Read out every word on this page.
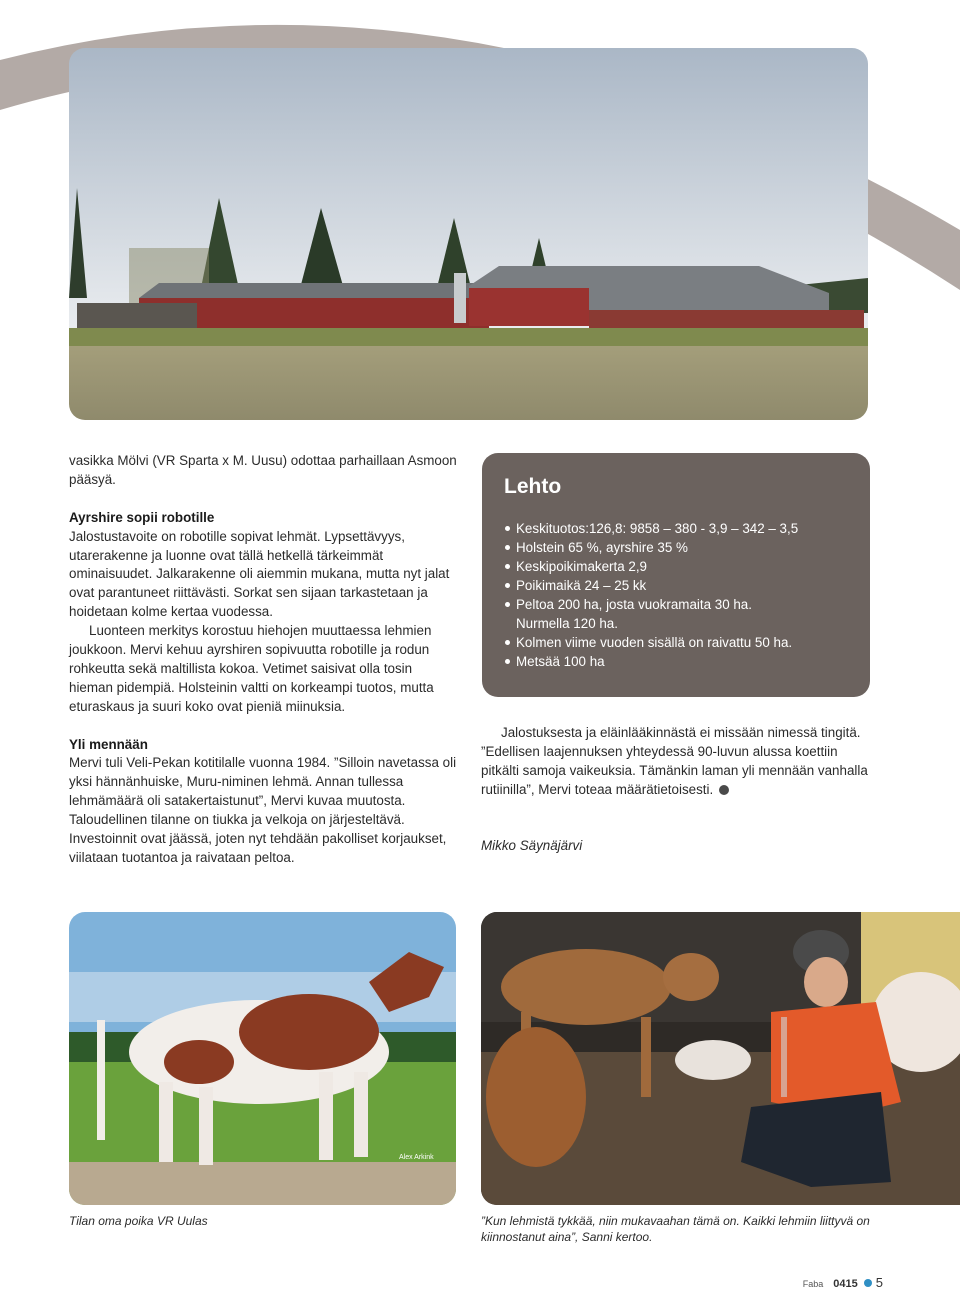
vasikka Mölvi (VR Sparta x M. Uusu) odottaa parhaillaan Asmoon pääsyä.

Ayrshire sopii robotille

Jalostustavoite on robotille sopivat lehmät. Lypsettävyys, utarerakenne ja luonne ovat tällä hetkellä tärkeimmät ominaisuudet. Jalkarakenne oli aiemmin mukana, mutta nyt jalat ovat parantuneet riittävästi. Sorkat sen sijaan tarkastetaan ja hoidetaan kolme kertaa vuodessa.

Luonteen merkitys korostuu hiehojen muuttaessa lehmien joukkoon. Mervi kehuu ayrshiren sopivuutta robotille ja rodun rohkeutta sekä maltillista kokoa. Vetimet saisivat olla tosin hieman pidempiä. Holsteinin valtti on korkeampi tuotos, mutta eturaskaus ja suuri koko ovat pieniä miinuksia.

Yli mennään

Mervi tuli Veli-Pekan kotitilalle vuonna 1984. ”Silloin navetassa oli yksi hännänhuiske, Muru-niminen lehmä. Annan tullessa lehmämäärä oli satakertaistunut”, Mervi kuvaa muutosta. Taloudellinen tilanne on tiukka ja velkoja on järjesteltävä. Investoinnit ovat jäässä, joten nyt tehdään pakolliset korjaukset, viilataan tuotantoa ja raivataan peltoa.

Lehto
Keskituotos:126,8: 9858 – 380 - 3,9 – 342 – 3,5
Holstein 65 %, ayrshire 35 %
Keskipoikimakerta 2,9
Poikimaikä 24 – 25 kk
Peltoa 200 ha, josta vuokramaita 30 ha.
Nurmella 120 ha.
Kolmen viime vuoden sisällä on raivattu 50 ha.
Metsää 100 ha

Jalostuksesta ja eläinlääkinnästä ei missään nimessä tingitä. ”Edellisen laajennuksen yhteydessä 90-luvun alussa koettiin pitkälti samoja vaikeuksia. Tämänkin laman yli mennään vanhalla rutiinilla”, Mervi toteaa määrätietoisesti.

Mikko Säynäjärvi
Alex Arkink
Tilan oma poika VR Uulas	”Kun lehmistä tykkää, niin mukavaahan tämä on. Kaikki lehmiin liittyvä on kiinnostanut aina”, Sanni kertoo.
Faba 0415 5
